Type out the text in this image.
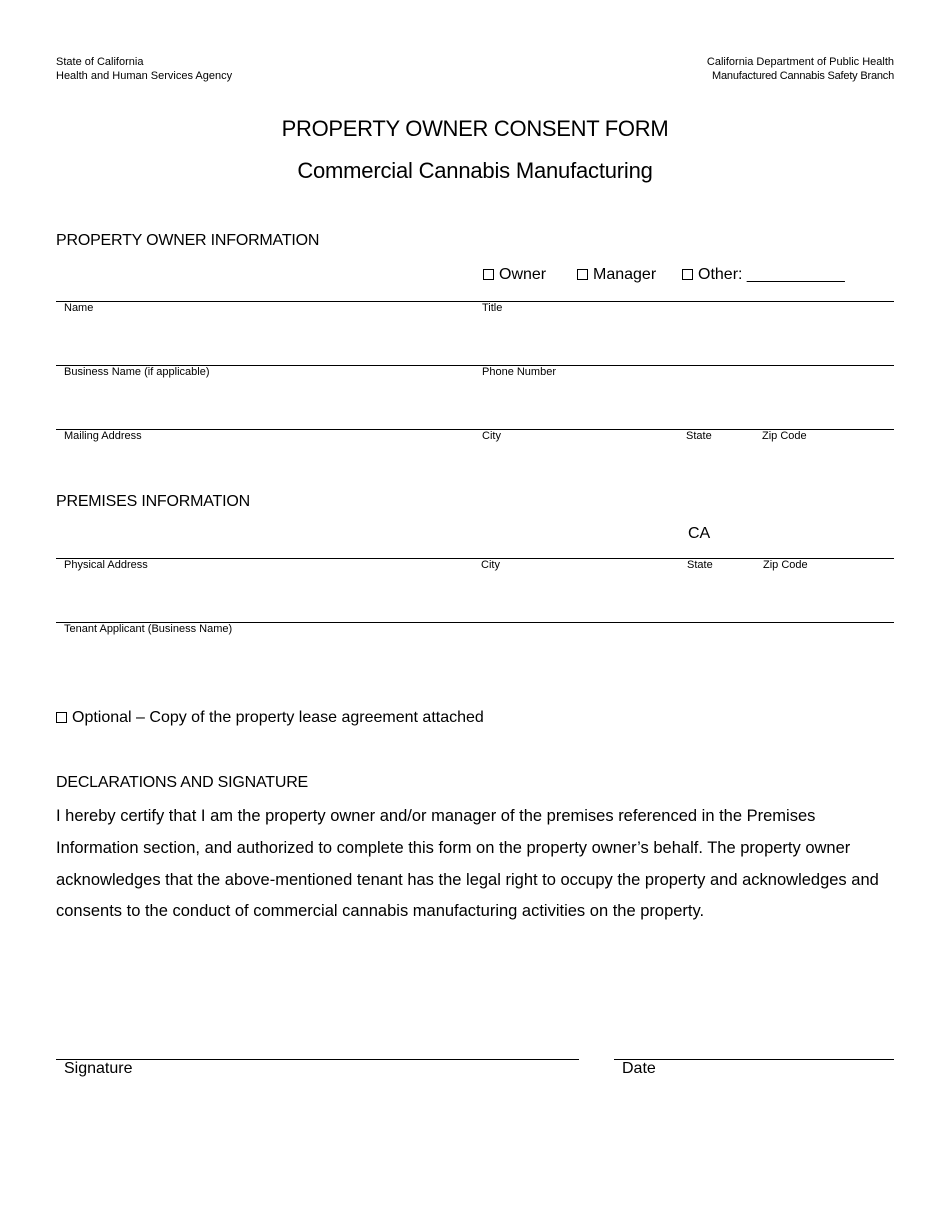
State of California
Health and Human Services Agency
California Department of Public Health
Manufactured Cannabis Safety Branch
PROPERTY OWNER CONSENT FORM
Commercial Cannabis Manufacturing
PROPERTY OWNER INFORMATION
Owner	Manager	Other: ___________
Name	Title
Business Name (if applicable)	Phone Number
Mailing Address	City	State	Zip Code
PREMISES INFORMATION
CA
Physical Address	City	State	Zip Code
Tenant Applicant (Business Name)
Optional – Copy of the property lease agreement attached
DECLARATIONS AND SIGNATURE
I hereby certify that I am the property owner and/or manager of the premises referenced in the Premises Information section, and authorized to complete this form on the property owner’s behalf. The property owner acknowledges that the above-mentioned tenant has the legal right to occupy the property and acknowledges and consents to the conduct of commercial cannabis manufacturing activities on the property.
Signature	Date
